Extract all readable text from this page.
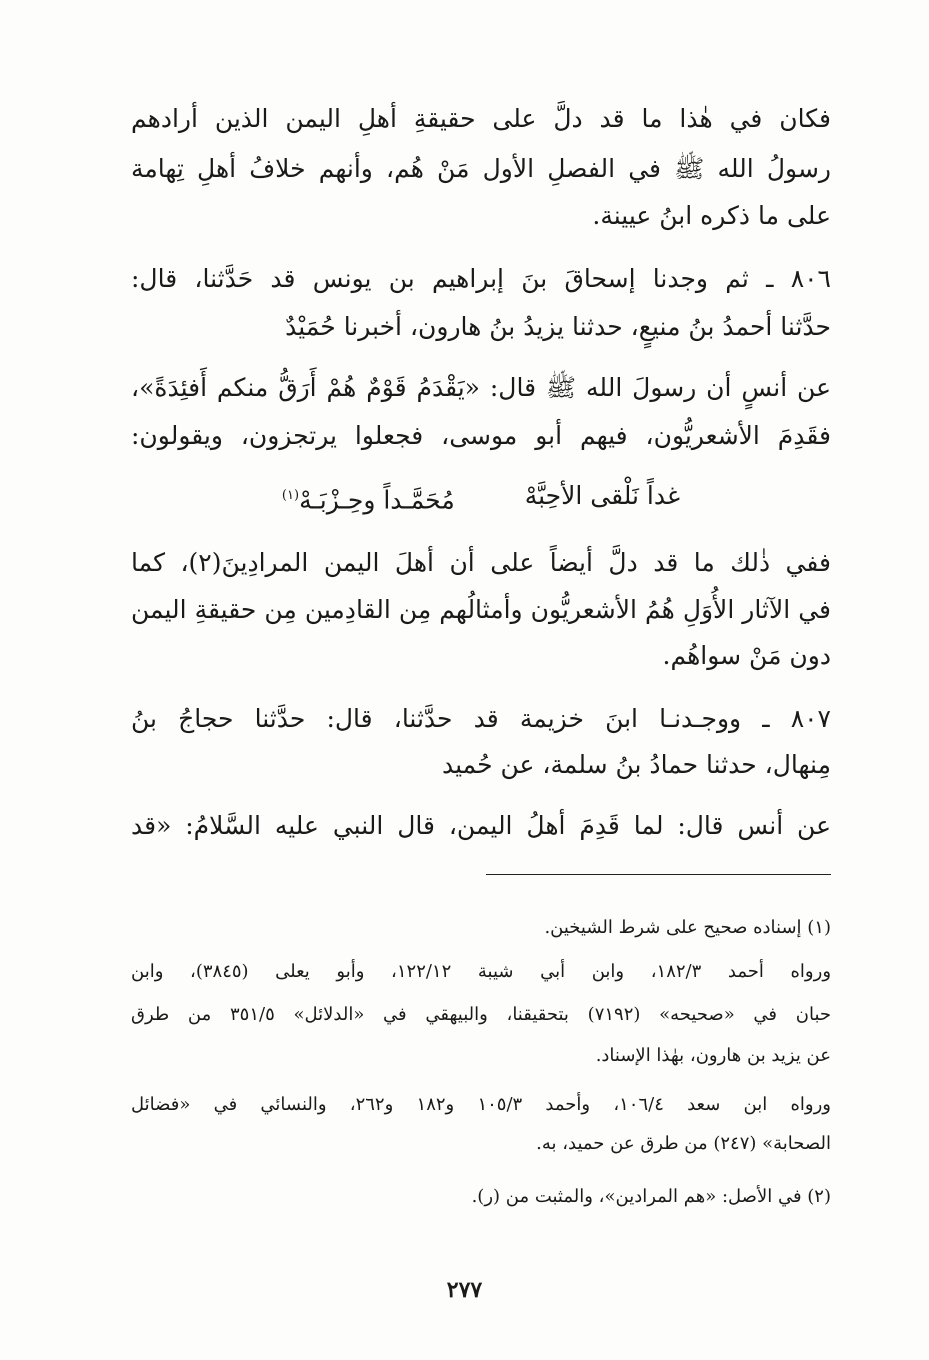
فكان في هٰذا ما قد دلَّ على حقيقةِ أهلِ اليمن الذين أرادهم
رسولُ الله ﷺ في الفصلِ الأول مَنْ هُم، وأنهم خلافُ أهلِ تِهامة
على ما ذكره ابنُ عيينة.
٨٠٦ ـ ثم وجدنا إسحاقَ بنَ إبراهيم بن يونس قد حَدَّثنا، قال:
حدَّثنا أحمدُ بنُ منيعٍ، حدثنا يزيدُ بنُ هارون، أخبرنا حُمَيْدٌ
عن أنسٍ أن رسولَ الله ﷺ قال: «يَقْدَمُ قَوْمٌ هُمْ أَرَقُّ منكم أَفئِدَةً»،
فقَدِمَ الأشعريُّون، فيهم أبو موسى، فجعلوا يرتجزون، ويقولون:
غداً نَلْقى الأحِبَّهْ
مُحَمَّـداً وحِـزْبَـهْ$^{(١)}$
ففي ذٰلك ما قد دلَّ أيضاً على أن أهلَ اليمن المرادِينَ(٢)، كما
في الآثار الأُوَلِ هُمُ الأشعريُّون وأمثالُهم مِن القادِمين مِن حقيقةِ اليمن
دون مَنْ سواهُم.
٨٠٧ ـ ووجـدنـا ابنَ خزيمة قد حدَّثنا، قال: حدَّثنا حجاجُ بنُ
مِنهال، حدثنا حمادُ بنُ سلمة، عن حُميد
عن أنس قال: لما قَدِمَ أهلُ اليمن، قال النبي عليه السَّلامُ: «قد
(١) إسناده صحيح على شرط الشيخين.
ورواه أحمد ١٨٢/٣، وابن أبي شيبة ١٢٢/١٢، وأبو يعلى (٣٨٤٥)، وابن
حبان في «صحيحه» (٧١٩٢) بتحقيقنا، والبيهقي في «الدلائل» ٣٥١/٥ من طرق
عن يزيد بن هارون، بهٰذا الإسناد.
ورواه ابن سعد ١٠٦/٤، وأحمد ١٠٥/٣ و١٨٢ و٢٦٢، والنسائي في «فضائل
الصحابة» (٢٤٧) من طرق عن حميد، به.
(٢) في الأصل: «هم المرادين»، والمثبت من (ر).
٢٧٧
